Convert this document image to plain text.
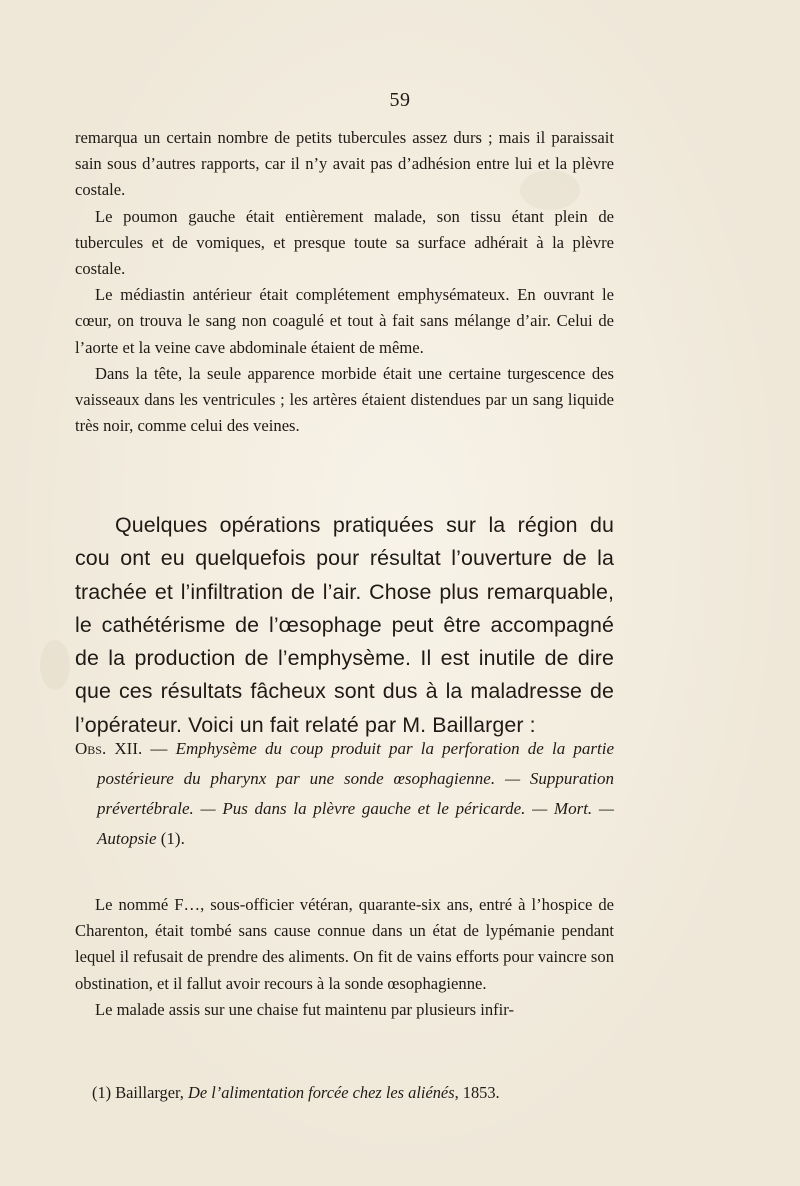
59

remarqua un certain nombre de petits tubercules assez durs ; mais il paraissait sain sous d’autres rapports, car il n’y avait pas d’adhésion entre lui et la plèvre costale.

Le poumon gauche était entièrement malade, son tissu étant plein de tubercules et de vomiques, et presque toute sa surface adhérait à la plèvre costale.

Le médiastin antérieur était complétement emphysémateux. En ouvrant le cœur, on trouva le sang non coagulé et tout à fait sans mélange d’air. Celui de l’aorte et la veine cave abdominale étaient de même.

Dans la tête, la seule apparence morbide était une certaine turgescence des vaisseaux dans les ventricules ; les artères étaient distendues par un sang liquide très noir, comme celui des veines.

Quelques opérations pratiquées sur la région du cou ont eu quelquefois pour résultat l’ouverture de la trachée et l’infiltration de l’air. Chose plus remarquable, le cathétérisme de l’œsophage peut être accompagné de la production de l’emphysème. Il est inutile de dire que ces résultats fâcheux sont dus à la maladresse de l’opérateur. Voici un fait relaté par M. Baillarger :

Obs. XII. — Emphysème du coup produit par la perforation de la partie postérieure du pharynx par une sonde œsophagienne. — Suppuration prévertébrale. — Pus dans la plèvre gauche et le péricarde. — Mort. — Autopsie (1).

Le nommé F…, sous-officier vétéran, quarante-six ans, entré à l’hospice de Charenton, était tombé sans cause connue dans un état de lypémanie pendant lequel il refusait de prendre des aliments. On fit de vains efforts pour vaincre son obstination, et il fallut avoir recours à la sonde œsophagienne.

Le malade assis sur une chaise fut maintenu par plusieurs infir-

(1) Baillarger, De l’alimentation forcée chez les aliénés, 1853.
